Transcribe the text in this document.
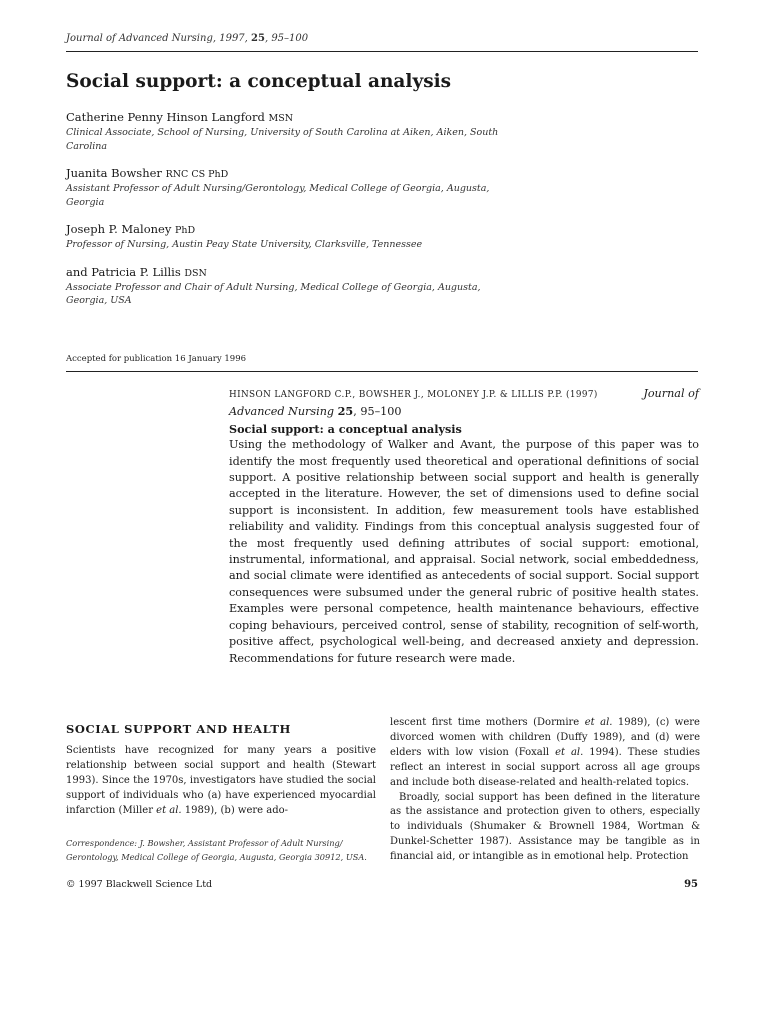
Journal of Advanced Nursing, 1997, 25, 95–100
Social support: a conceptual analysis
Catherine Penny Hinson Langford MSN
Clinical Associate, School of Nursing, University of South Carolina at Aiken, Aiken, South Carolina
Juanita Bowsher RNC CS PhD
Assistant Professor of Adult Nursing/Gerontology, Medical College of Georgia, Augusta, Georgia
Joseph P. Maloney PhD
Professor of Nursing, Austin Peay State University, Clarksville, Tennessee
and Patricia P. Lillis DSN
Associate Professor and Chair of Adult Nursing, Medical College of Georgia, Augusta, Georgia, USA
Accepted for publication 16 January 1996
Journal of
HINSON LANGFORD C.P., BOWSHER J., MOLONEY J.P. & LILLIS P.P. (1997)
Advanced Nursing 25, 95–100
Social support: a conceptual analysis

Using the methodology of Walker and Avant, the purpose of this paper was to identify the most frequently used theoretical and operational definitions of social support. A positive relationship between social support and health is generally accepted in the literature. However, the set of dimensions used to define social support is inconsistent. In addition, few measurement tools have established reliability and validity. Findings from this conceptual analysis suggested four of the most frequently used defining attributes of social support: emotional, instrumental, informational, and appraisal. Social network, social embeddedness, and social climate were identified as antecedents of social support. Social support consequences were subsumed under the general rubric of positive health states. Examples were personal competence, health maintenance behaviours, effective coping behaviours, perceived control, sense of stability, recognition of self-worth, positive affect, psychological well-being, and decreased anxiety and depression. Recommendations for future research were made.

SOCIAL SUPPORT AND HEALTH

Scientists have recognized for many years a positive relationship between social support and health (Stewart 1993). Since the 1970s, investigators have studied the social support of individuals who (a) have experienced myocardial infarction (Miller et al. 1989), (b) were ado-

Correspondence: J. Bowsher, Assistant Professor of Adult Nursing/ Gerontology, Medical College of Georgia, Augusta, Georgia 30912, USA.

lescent first time mothers (Dormire et al. 1989), (c) were divorced women with children (Duffy 1989), and (d) were elders with low vision (Foxall et al. 1994). These studies reflect an interest in social support across all age groups and include both disease-related and health-related topics.

Broadly, social support has been defined in the literature as the assistance and protection given to others, especially to individuals (Shumaker & Brownell 1984, Wortman & Dunkel-Schetter 1987). Assistance may be tangible as in financial aid, or intangible as in emotional help. Protection

© 1997 Blackwell Science Ltd	95
